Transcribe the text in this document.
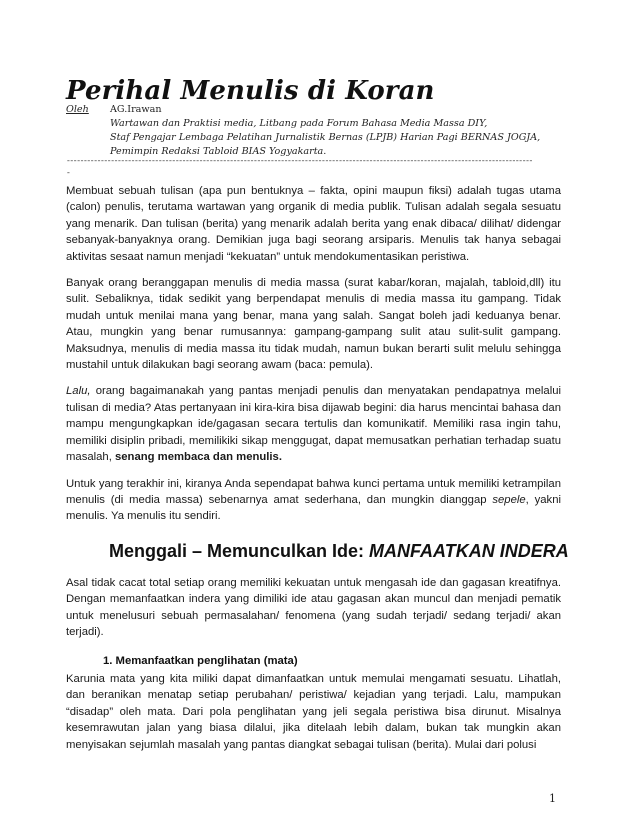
Perihal Menulis di Koran
Oleh AG.Irawan
Wartawan dan Praktisi media, Litbang pada Forum Bahasa Media Massa DIY,
Staf Pengajar Lembaga Pelatihan Jurnalistik Bernas (LPJB) Harian Pagi BERNAS JOGJA,
Pemimpin Redaksi Tabloid BIAS Yogyakarta.
-----------------------------------------------------------------------------------------------------------------------------------------
-

Membuat sebuah tulisan (apa pun bentuknya – fakta, opini maupun fiksi) adalah tugas utama (calon) penulis, terutama wartawan yang organik di media publik. Tulisan adalah segala sesuatu yang menarik. Dan tulisan (berita) yang menarik adalah berita yang enak dibaca/ dilihat/ didengar sebanyak-banyaknya orang. Demikian juga bagi seorang arsiparis. Menulis tak hanya sebagai aktivitas sesaat namun menjadi “kekuatan” untuk mendokumentasikan peristiwa.

Banyak orang beranggapan menulis di media massa (surat kabar/koran, majalah, tabloid,dll) itu sulit. Sebaliknya, tidak sedikit yang berpendapat menulis di media massa itu gampang. Tidak mudah untuk menilai mana yang benar, mana yang salah. Sangat boleh jadi keduanya benar. Atau, mungkin yang benar rumusannya: gampang-gampang sulit atau sulit-sulit gampang. Maksudnya, menulis di media massa itu tidak mudah, namun bukan berarti sulit melulu sehingga mustahil untuk dilakukan bagi seorang awam (baca: pemula).

Lalu, orang bagaimanakah yang pantas menjadi penulis dan menyatakan pendapatnya melalui tulisan di media? Atas pertanyaan ini kira-kira bisa dijawab begini: dia harus mencintai bahasa dan mampu mengungkapkan ide/gagasan secara tertulis dan komunikatif. Memiliki rasa ingin tahu, memiliki disiplin pribadi, memilikiki sikap menggugat, dapat memusatkan perhatian terhadap suatu masalah, senang membaca dan menulis.

Untuk yang terakhir ini, kiranya Anda sependapat bahwa kunci pertama untuk memiliki ketrampilan menulis (di media massa) sebenarnya amat sederhana, dan mungkin dianggap sepele, yakni menulis. Ya menulis itu sendiri.

Menggali – Memunculkan Ide: MANFAATKAN INDERA

Asal tidak cacat total setiap orang memiliki kekuatan untuk mengasah ide dan gagasan kreatifnya. Dengan memanfaatkan indera yang dimiliki ide atau gagasan akan muncul dan menjadi pematik untuk menelusuri sebuah permasalahan/ fenomena (yang sudah terjadi/ sedang terjadi/ akan terjadi).

1. Memanfaatkan penglihatan (mata)

Karunia mata yang kita miliki dapat dimanfaatkan untuk memulai mengamati sesuatu. Lihatlah, dan beranikan menatap setiap perubahan/ peristiwa/ kejadian yang terjadi. Lalu, mampukan “disadap” oleh mata. Dari pola penglihatan yang jeli segala peristiwa bisa dirunut. Misalnya kesemrawutan jalan yang biasa dilalui, jika ditelaah lebih dalam, bukan tak mungkin akan menyisakan sejumlah masalah yang pantas diangkat sebagai tulisan (berita). Mulai dari polusi

1
